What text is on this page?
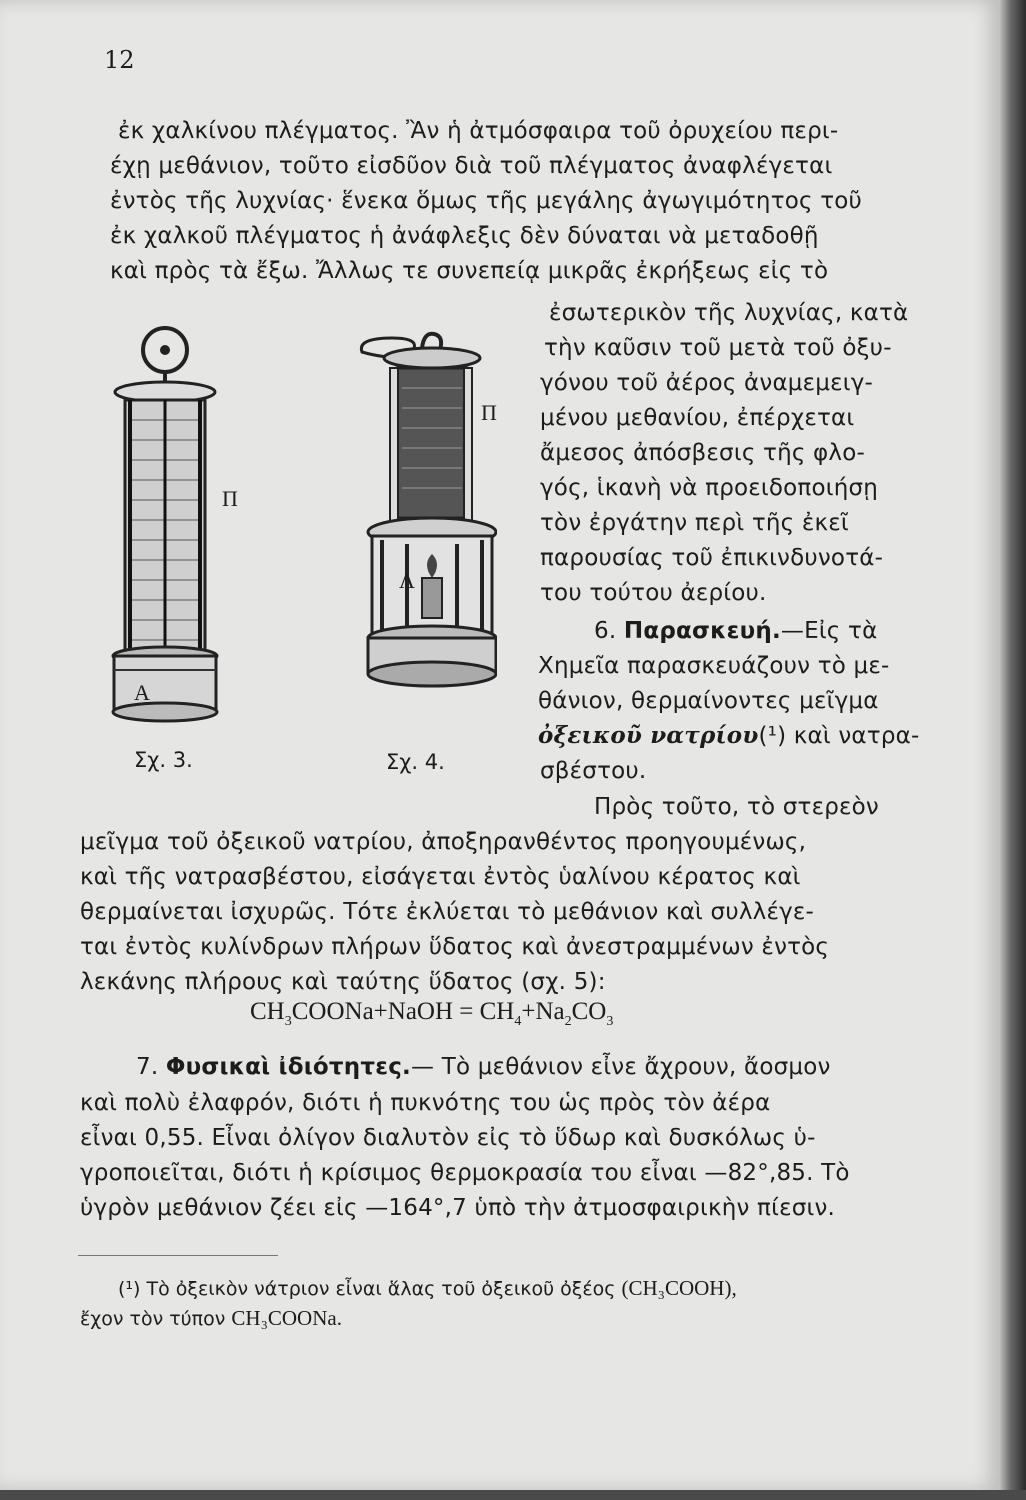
12
ἐκ χαλκίνου πλέγματος. Ἂν ἡ ἀτμόσφαιρα τοῦ ὀρυχείου περι-
έχῃ μεθάνιον, τοῦτο εἰσδῦον διὰ τοῦ πλέγματος ἀναφλέγεται
ἐντὸς τῆς λυχνίας· ἕνεκα ὅμως τῆς μεγάλης ἀγωγιμότητος τοῦ
ἐκ χαλκοῦ πλέγματος ἡ ἀνάφλεξις δὲν δύναται νὰ μεταδοθῇ
καὶ πρὸς τὰ ἔξω. Ἄλλως τε συνεπείᾳ μικρᾶς ἐκρήξεως εἰς τὸ
ἐσωτερικὸν τῆς λυχνίας, κατὰ
τὴν καῦσιν τοῦ μετὰ τοῦ ὀξυ-
γόνου τοῦ ἀέρος ἀναμεμειγ-
μένου μεθανίου, ἐπέρχεται
ἄμεσος ἀπόσβεσις τῆς φλο-
γός, ἱκανὴ νὰ προειδοποιήσῃ
τὸν ἐργάτην περὶ τῆς ἐκεῖ
παρουσίας τοῦ ἐπικινδυνοτά-
του τούτου ἀερίου.
6. Παρασκευή.—Εἰς τὰ
Χημεῖα παρασκευάζουν τὸ με-
θάνιον, θερμαίνοντες μεῖγμα
ὀξεικοῦ νατρίου(¹) καὶ νατρα-
σβέστου.
Πρὸς τοῦτο, τὸ στερεὸν
μεῖγμα τοῦ ὀξεικοῦ νατρίου, ἀποξηρανθέντος προηγουμένως,
καὶ τῆς νατρασβέστου, εἰσάγεται ἐντὸς ὑαλίνου κέρατος καὶ
θερμαίνεται ἰσχυρῶς. Τότε ἐκλύεται τὸ μεθάνιον καὶ συλλέγε-
ται ἐντὸς κυλίνδρων πλήρων ὕδατος καὶ ἀνεστραμμένων ἐντὸς
λεκάνης πλήρους καὶ ταύτης ὕδατος (σχ. 5):
$CH_3COONa+NaOH = CH_4+Na_2CO_3$
7. Φυσικαὶ ἰδιότητες.— Τὸ μεθάνιον εἶνε ἄχρουν, ἄοσμον
καὶ πολὺ ἐλαφρόν, διότι ἡ πυκνότης του ὡς πρὸς τὸν ἀέρα
εἶναι 0,55. Εἶναι ὀλίγον διαλυτὸν εἰς τὸ ὕδωρ καὶ δυσκόλως ὑ-
γροποιεῖται, διότι ἡ κρίσιμος θερμοκρασία του εἶναι —82°,85. Τὸ
ὑγρὸν μεθάνιον ζέει εἰς —164°,7 ὑπὸ τὴν ἀτμοσφαιρικὴν πίεσιν.
(¹) Τὸ ὀξεικὸν νάτριον εἶναι ἅλας τοῦ ὀξεικοῦ ὀξέος (CH₃COOH),
ἔχον τὸν τύπον CH₃COONa.
Π
Α
Σχ. 3.
Π
Λ
Σχ. 4.
